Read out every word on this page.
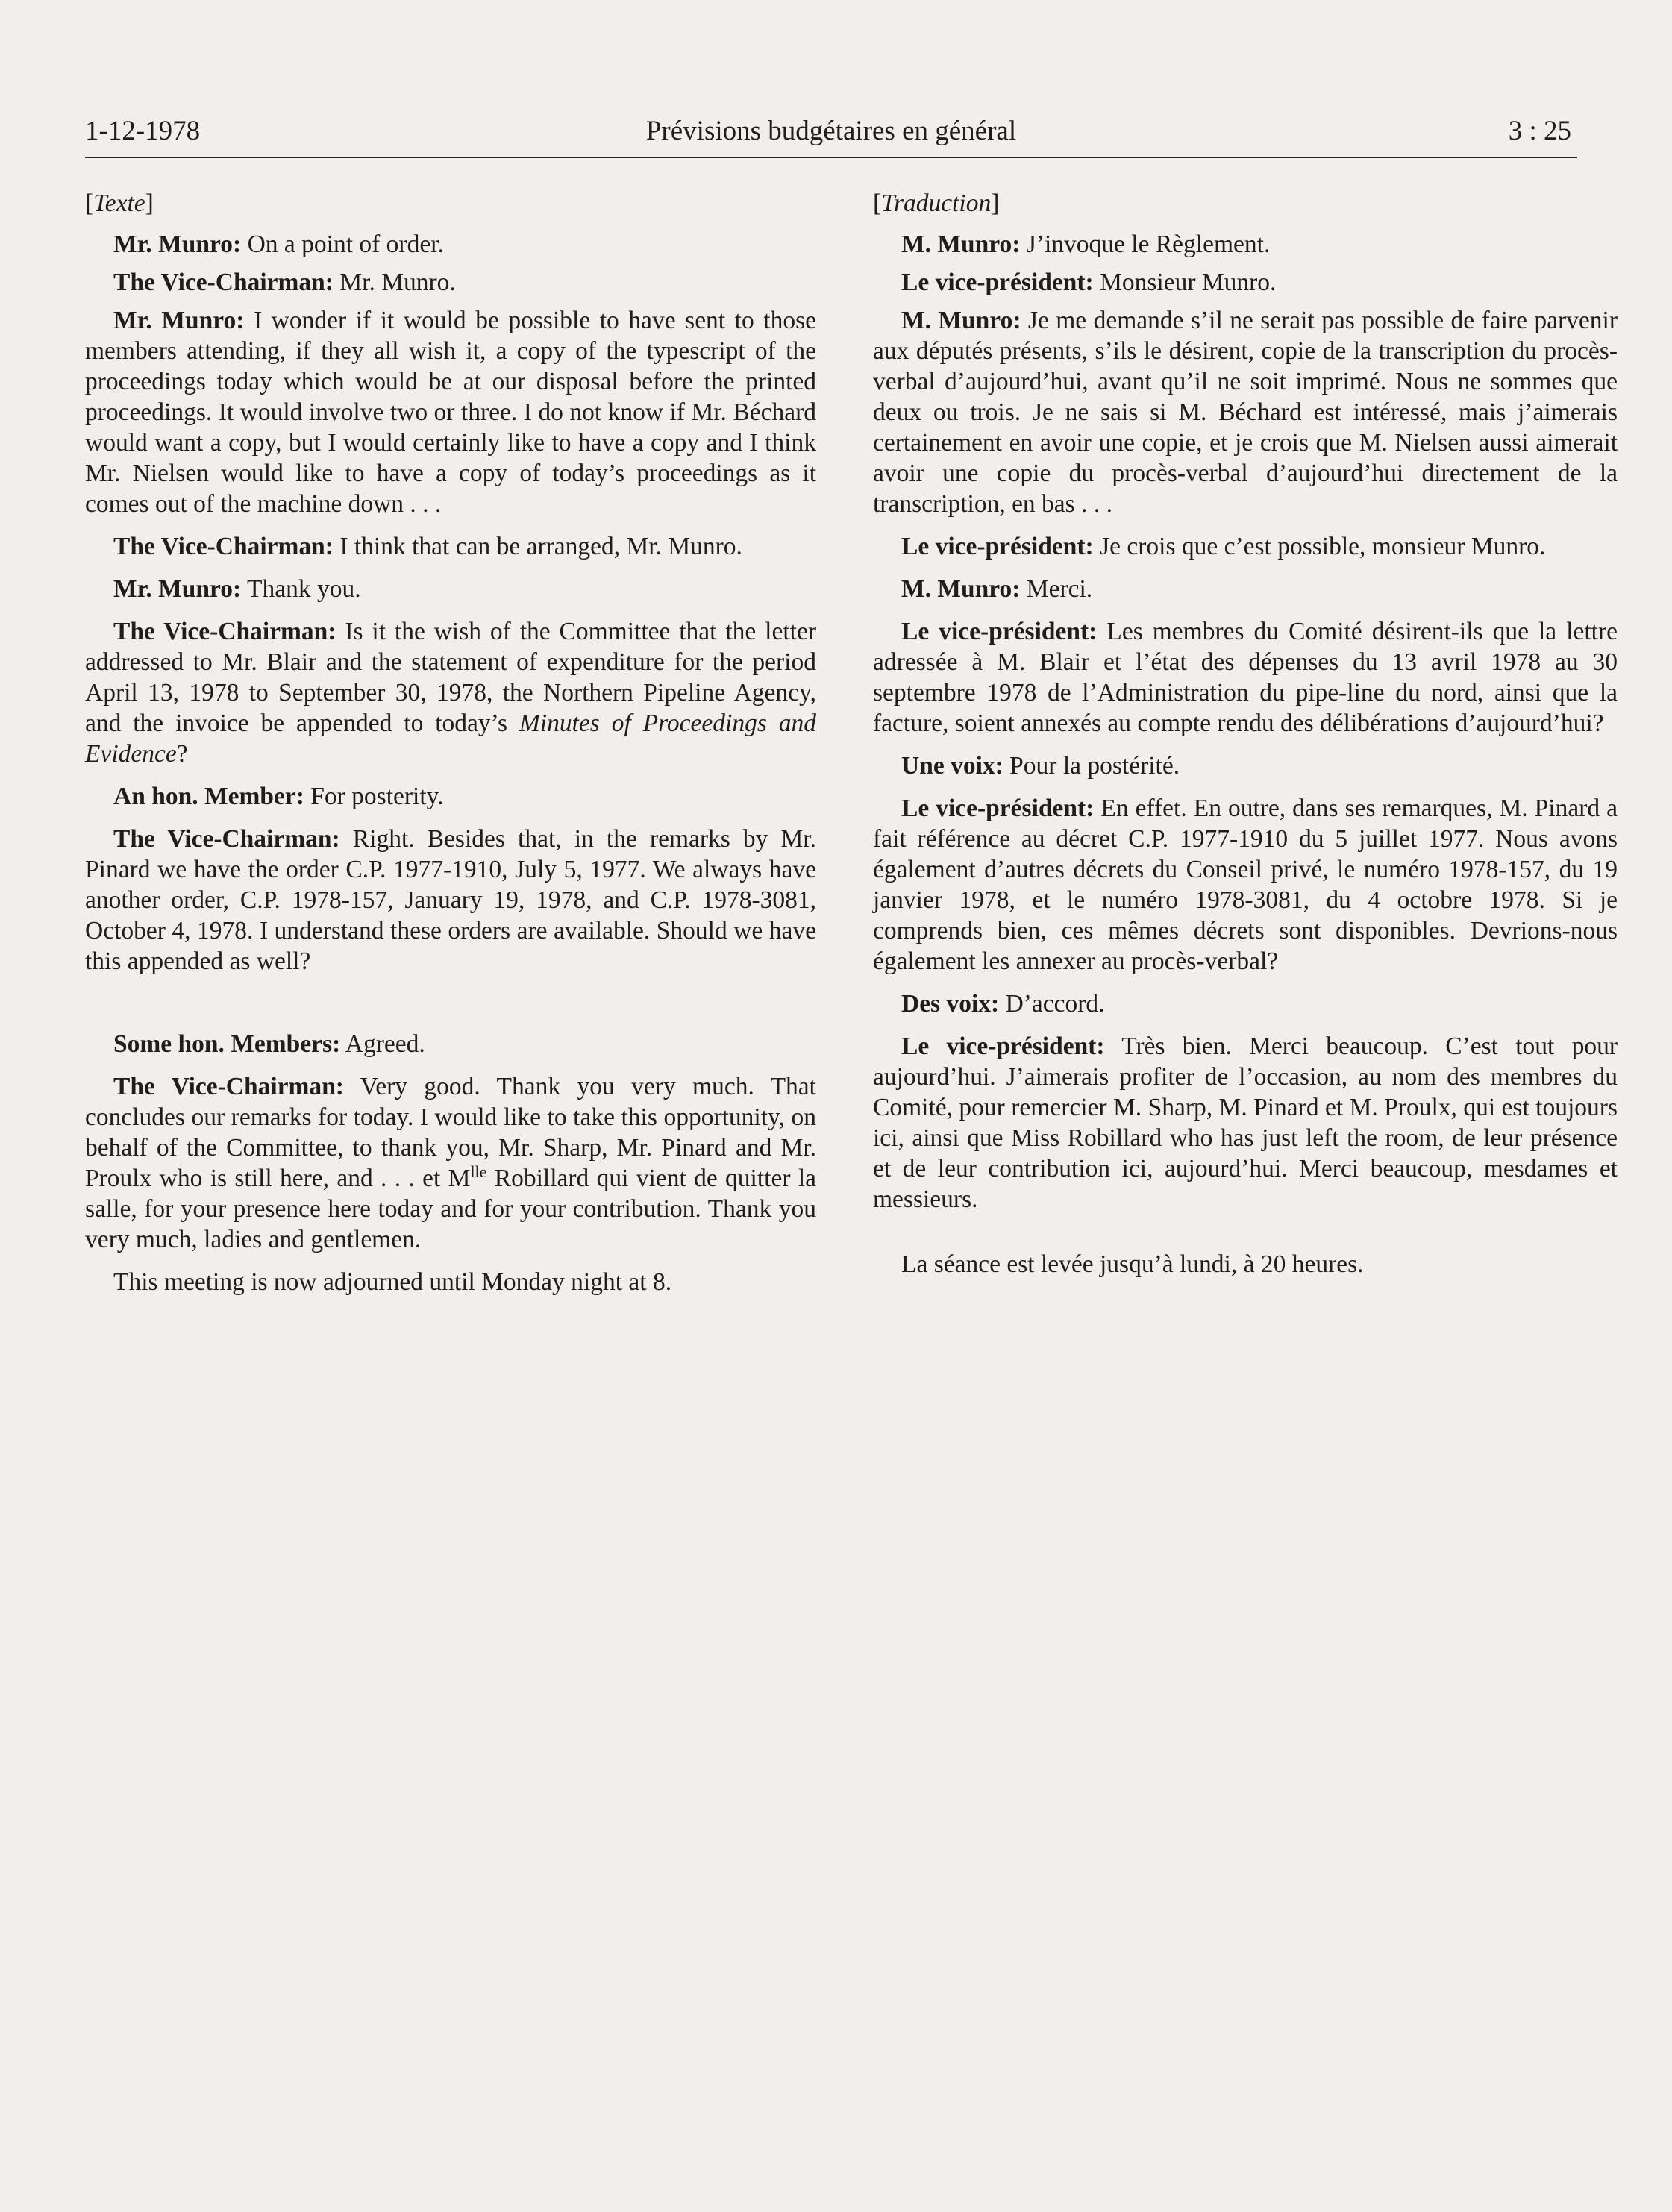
1-12-1978	Prévisions budgétaires en général	3 : 25
[Texte]

Mr. Munro: On a point of order.

The Vice-Chairman: Mr. Munro.

Mr. Munro: I wonder if it would be possible to have sent to those members attending, if they all wish it, a copy of the typescript of the proceedings today which would be at our disposal before the printed proceedings. It would involve two or three. I do not know if Mr. Béchard would want a copy, but I would certainly like to have a copy and I think Mr. Nielsen would like to have a copy of today’s proceedings as it comes out of the machine down . . .

The Vice-Chairman: I think that can be arranged, Mr. Munro.

Mr. Munro: Thank you.

The Vice-Chairman: Is it the wish of the Committee that the letter addressed to Mr. Blair and the statement of expenditure for the period April 13, 1978 to September 30, 1978, the Northern Pipeline Agency, and the invoice be appended to today’s Minutes of Proceedings and Evidence?

An hon. Member: For posterity.

The Vice-Chairman: Right. Besides that, in the remarks by Mr. Pinard we have the order C.P. 1977-1910, July 5, 1977. We always have another order, C.P. 1978-157, January 19, 1978, and C.P. 1978-3081, October 4, 1978. I understand these orders are available. Should we have this appended as well?

Some hon. Members: Agreed.

The Vice-Chairman: Very good. Thank you very much. That concludes our remarks for today. I would like to take this opportunity, on behalf of the Committee, to thank you, Mr. Sharp, Mr. Pinard and Mr. Proulx who is still here, and . . . et $M^{lle}$ Robillard qui vient de quitter la salle, for your presence here today and for your contribution. Thank you very much, ladies and gentlemen.

This meeting is now adjourned until Monday night at 8.

[Traduction]

M. Munro: J’invoque le Règlement.

Le vice-président: Monsieur Munro.

M. Munro: Je me demande s’il ne serait pas possible de faire parvenir aux députés présents, s’ils le désirent, copie de la transcription du procès-verbal d’aujourd’hui, avant qu’il ne soit imprimé. Nous ne sommes que deux ou trois. Je ne sais si M. Béchard est intéressé, mais j’aimerais certainement en avoir une copie, et je crois que M. Nielsen aussi aimerait avoir une copie du procès-verbal d’aujourd’hui directement de la transcription, en bas . . .

Le vice-président: Je crois que c’est possible, monsieur Munro.

M. Munro: Merci.

Le vice-président: Les membres du Comité désirent-ils que la lettre adressée à M. Blair et l’état des dépenses du 13 avril 1978 au 30 septembre 1978 de l’Administration du pipe-line du nord, ainsi que la facture, soient annexés au compte rendu des délibérations d’aujourd’hui?

Une voix: Pour la postérité.

Le vice-président: En effet. En outre, dans ses remarques, M. Pinard a fait référence au décret C.P. 1977-1910 du 5 juillet 1977. Nous avons également d’autres décrets du Conseil privé, le numéro 1978-157, du 19 janvier 1978, et le numéro 1978-3081, du 4 octobre 1978. Si je comprends bien, ces mêmes décrets sont disponibles. Devrions-nous également les annexer au procès-verbal?

Des voix: D’accord.

Le vice-président: Très bien. Merci beaucoup. C’est tout pour aujourd’hui. J’aimerais profiter de l’occasion, au nom des membres du Comité, pour remercier M. Sharp, M. Pinard et M. Proulx, qui est toujours ici, ainsi que Miss Robillard who has just left the room, de leur présence et de leur contribution ici, aujourd’hui. Merci beaucoup, mesdames et messieurs.

La séance est levée jusqu’à lundi, à 20 heures.
